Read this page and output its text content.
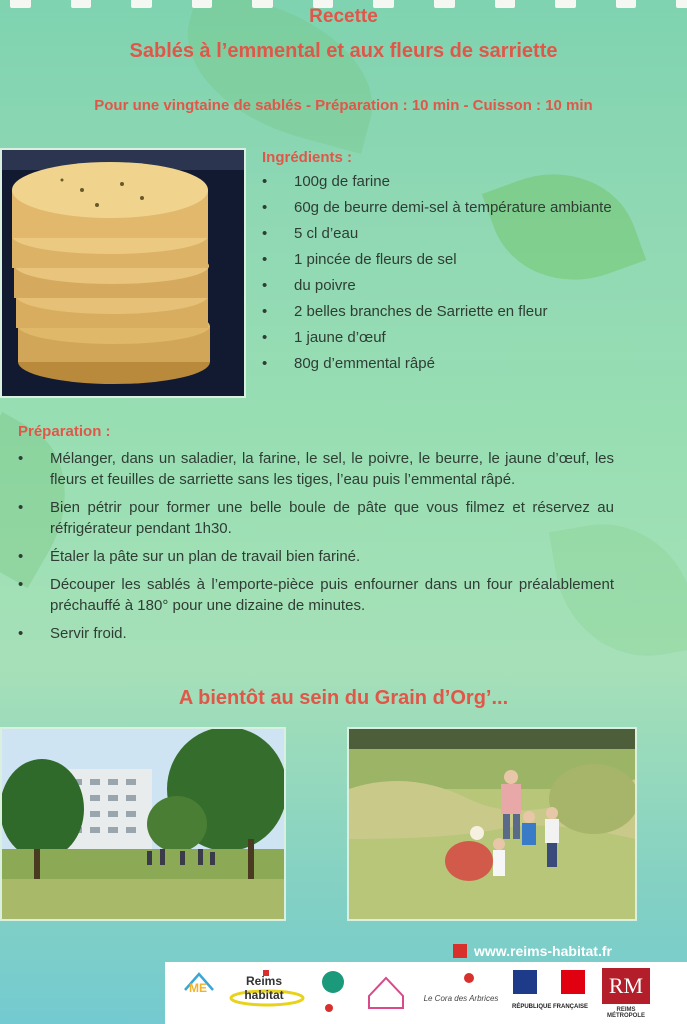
Recette
Sablés à l’emmental et aux fleurs de sarriette
Pour une vingtaine de sablés - Préparation : 10 min - Cuisson : 10 min
Ingrédients :
• 100g de farine
• 60g de beurre demi-sel à température ambiante
• 5 cl d’eau
• 1 pincée de fleurs de sel
• du poivre
• 2 belles branches de Sarriette en fleur
• 1 jaune d’œuf
• 80g d’emmental râpé
Préparation :
• Mélanger, dans un saladier, la farine, le sel, le poivre, le beurre, le jaune d’œuf, les fleurs et feuilles de sarriette sans les tiges, l’eau puis l’emmental râpé.
• Bien pétrir pour former une belle boule de pâte que vous filmez et réservez au réfrigérateur pendant 1h30.
• Étaler la pâte sur un plan de travail bien fariné.
• Découper les sablés à l’emporte-pièce puis enfourner dans un four préalablement préchauffé à 180° pour une dizaine de minutes.
• Servir froid.
A bientôt au sein du Grain d’Org’...
www.reims-habitat.fr
ME	Reims habitat	Le Cora des Arbrices
RÉPUBLIQUE FRANÇAISE
RM
REIMS MÉTROPOLE
